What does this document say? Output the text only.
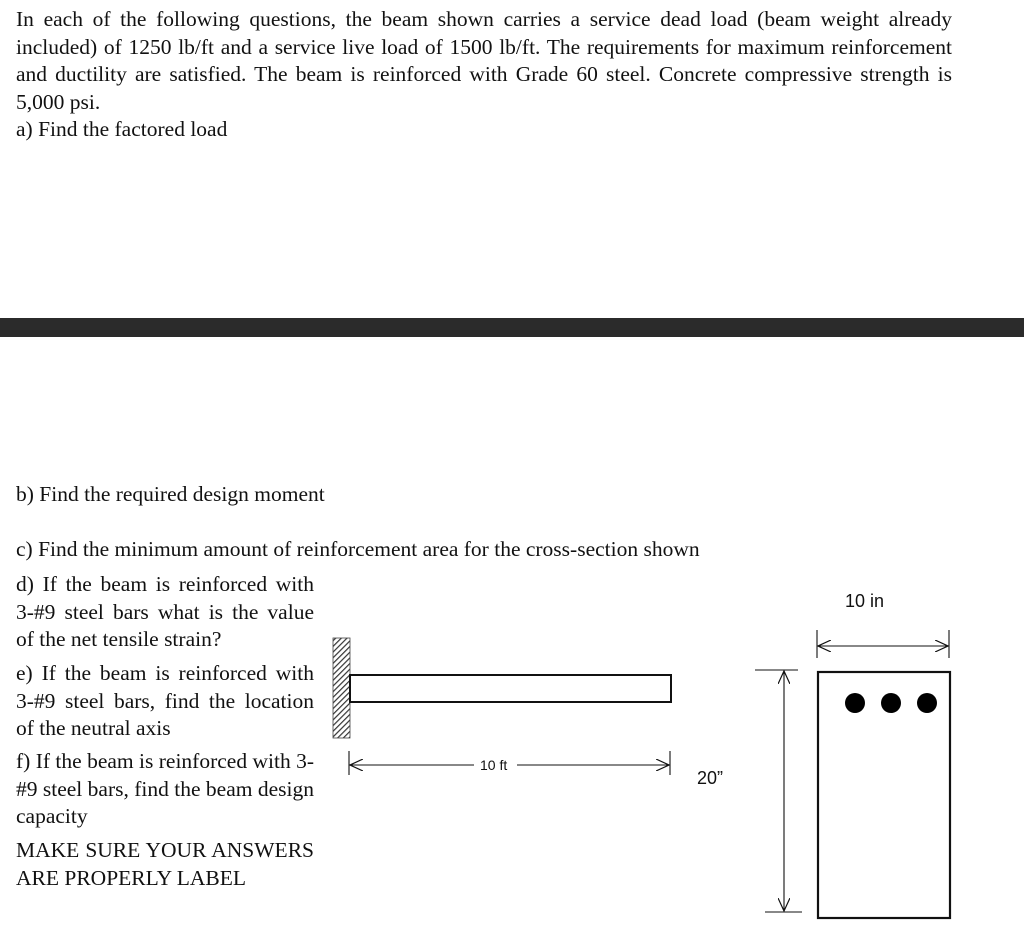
In each of the following questions, the beam shown carries a service dead load (beam weight already included) of 1250 lb/ft and a service live load of 1500 lb/ft. The requirements for maximum reinforcement and ductility are satisfied. The beam is reinforced with Grade 60 steel. Concrete compressive strength is 5,000 psi.

a) Find the factored load

b) Find the required design moment

c) Find the minimum amount of reinforcement area for the cross-section shown

d) If the beam is reinforced with 3-#9 steel bars what is the value of the net tensile strain?

e) If the beam is reinforced with 3-#9 steel bars, find the location of the neutral axis

f) If the beam is reinforced with 3-#9 steel bars, find the beam design capacity

MAKE SURE YOUR ANSWERS ARE PROPERLY LABEL

10 ft
20”
10 in
